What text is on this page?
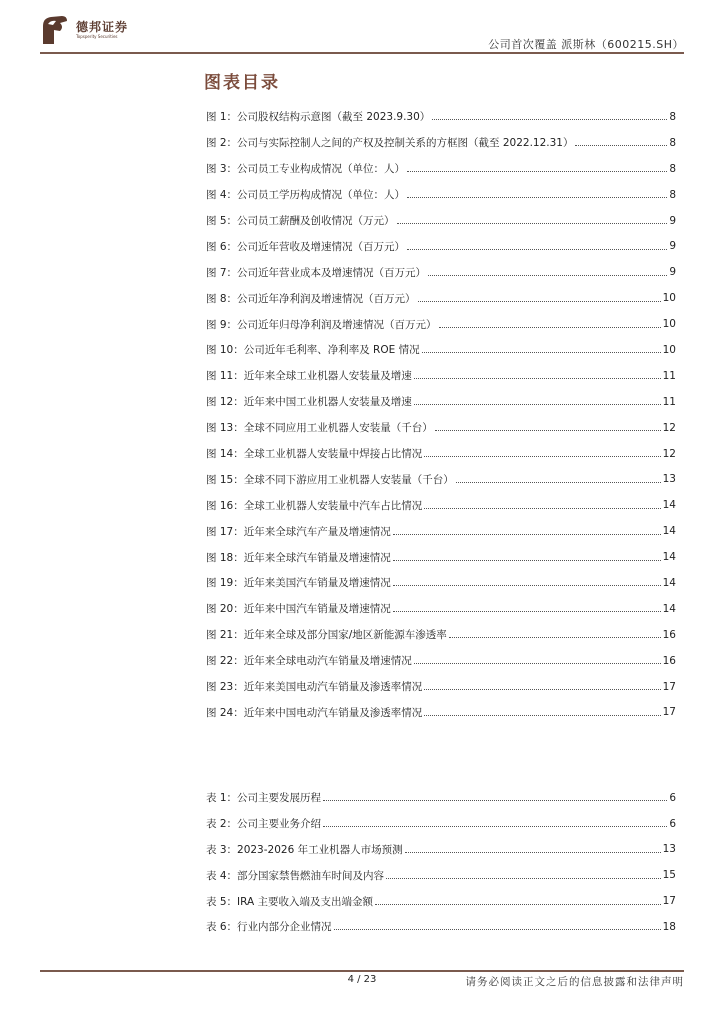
德邦证券
Topsperity Securities
公司首次覆盖 派斯林（600215.SH）
图表目录
图 1：公司股权结构示意图（截至 2023.9.30）	8
图 2：公司与实际控制人之间的产权及控制关系的方框图（截至 2022.12.31）	8
图 3：公司员工专业构成情况（单位：人）	8
图 4：公司员工学历构成情况（单位：人）	8
图 5：公司员工薪酬及创收情况（万元）	9
图 6：公司近年营收及增速情况（百万元）	9
图 7：公司近年营业成本及增速情况（百万元）	9
图 8：公司近年净利润及增速情况（百万元）	10
图 9：公司近年归母净利润及增速情况（百万元）	10
图 10：公司近年毛利率、净利率及 ROE 情况	10
图 11：近年来全球工业机器人安装量及增速	11
图 12：近年来中国工业机器人安装量及增速	11
图 13：全球不同应用工业机器人安装量（千台）	12
图 14：全球工业机器人安装量中焊接占比情况	12
图 15：全球不同下游应用工业机器人安装量（千台）	13
图 16：全球工业机器人安装量中汽车占比情况	14
图 17：近年来全球汽车产量及增速情况	14
图 18：近年来全球汽车销量及增速情况	14
图 19：近年来美国汽车销量及增速情况	14
图 20：近年来中国汽车销量及增速情况	14
图 21：近年来全球及部分国家/地区新能源车渗透率	16
图 22：近年来全球电动汽车销量及增速情况	16
图 23：近年来美国电动汽车销量及渗透率情况	17
图 24：近年来中国电动汽车销量及渗透率情况	17
表 1：公司主要发展历程	6
表 2：公司主要业务介绍	6
表 3：2023-2026 年工业机器人市场预测	13
表 4：部分国家禁售燃油车时间及内容	15
表 5：IRA 主要收入端及支出端金额	17
表 6：行业内部分企业情况	18
4 / 23	请务必阅读正文之后的信息披露和法律声明
